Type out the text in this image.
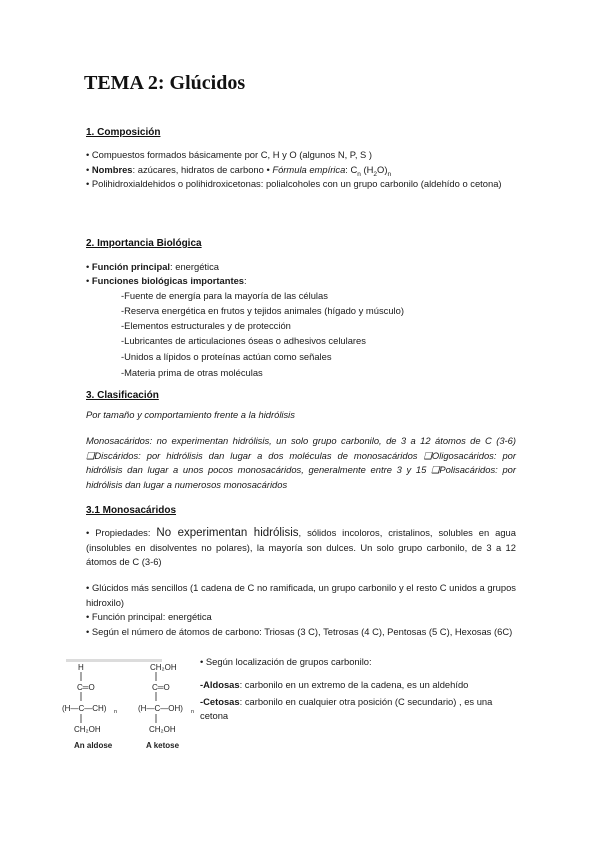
TEMA 2: Glúcidos
1. Composición
• Compuestos formados básicamente por C, H y O (algunos N, P, S )
• Nombres: azúcares, hidratos de carbono • Fórmula empírica: $C_n$ $(H_2O)_n$
• Polihidroxialdehidos o polihidroxicetonas: polialcoholes con un grupo carbonilo (aldehído o cetona)
2. Importancia Biológica
• Función principal: energética
• Funciones biológicas importantes:
-Fuente de energía para la mayoría de las células
-Reserva energética en frutos y tejidos animales (hígado y músculo)
-Elementos estructurales y de protección
-Lubricantes de articulaciones óseas o adhesivos celulares
-Unidos a lípidos o proteínas actúan como señales
-Materia prima de otras moléculas
3. Clasificación
Por tamaño y comportamiento frente a la hidrólisis
Monosacáridos: no experimentan hidrólisis, un solo grupo carbonilo, de 3 a 12 átomos de C (3-6) ❑Discáridos: por hidrólisis dan lugar a dos moléculas de monosacáridos ❑Oligosacáridos: por hidrólisis dan lugar a unos pocos monosacáridos, generalmente entre 3 y 15 ❑Polisacáridos: por hidrólisis dan lugar a numerosos monosacáridos
3.1 Monosacáridos
• Propiedades: No experimentan hidrólisis, sólidos incoloros, cristalinos, solubles en agua (insolubles en disolventes no polares), la mayoría son dulces. Un solo grupo carbonilo, de 3 a 12 átomos de C (3-6)
• Glúcidos más sencillos (1 cadena de C no ramificada, un grupo carbonilo y el resto C unidos a grupos hidroxilo)
• Función principal: energética
• Según el número de átomos de carbono: Triosas (3 C), Tetrosas (4 C), Pentosas (5 C), Hexosas (6C)
H
C═O
(H—C—CH) n
CH₂OH
An aldose
CH₂OH
C═O
(H—C—OH) n
CH₂OH
A ketose
• Según localización de grupos carbonilo:
-Aldosas: carbonilo en un extremo de la cadena, es un aldehído
-Cetosas: carbonilo en cualquier otra posición (C secundario) , es una cetona
